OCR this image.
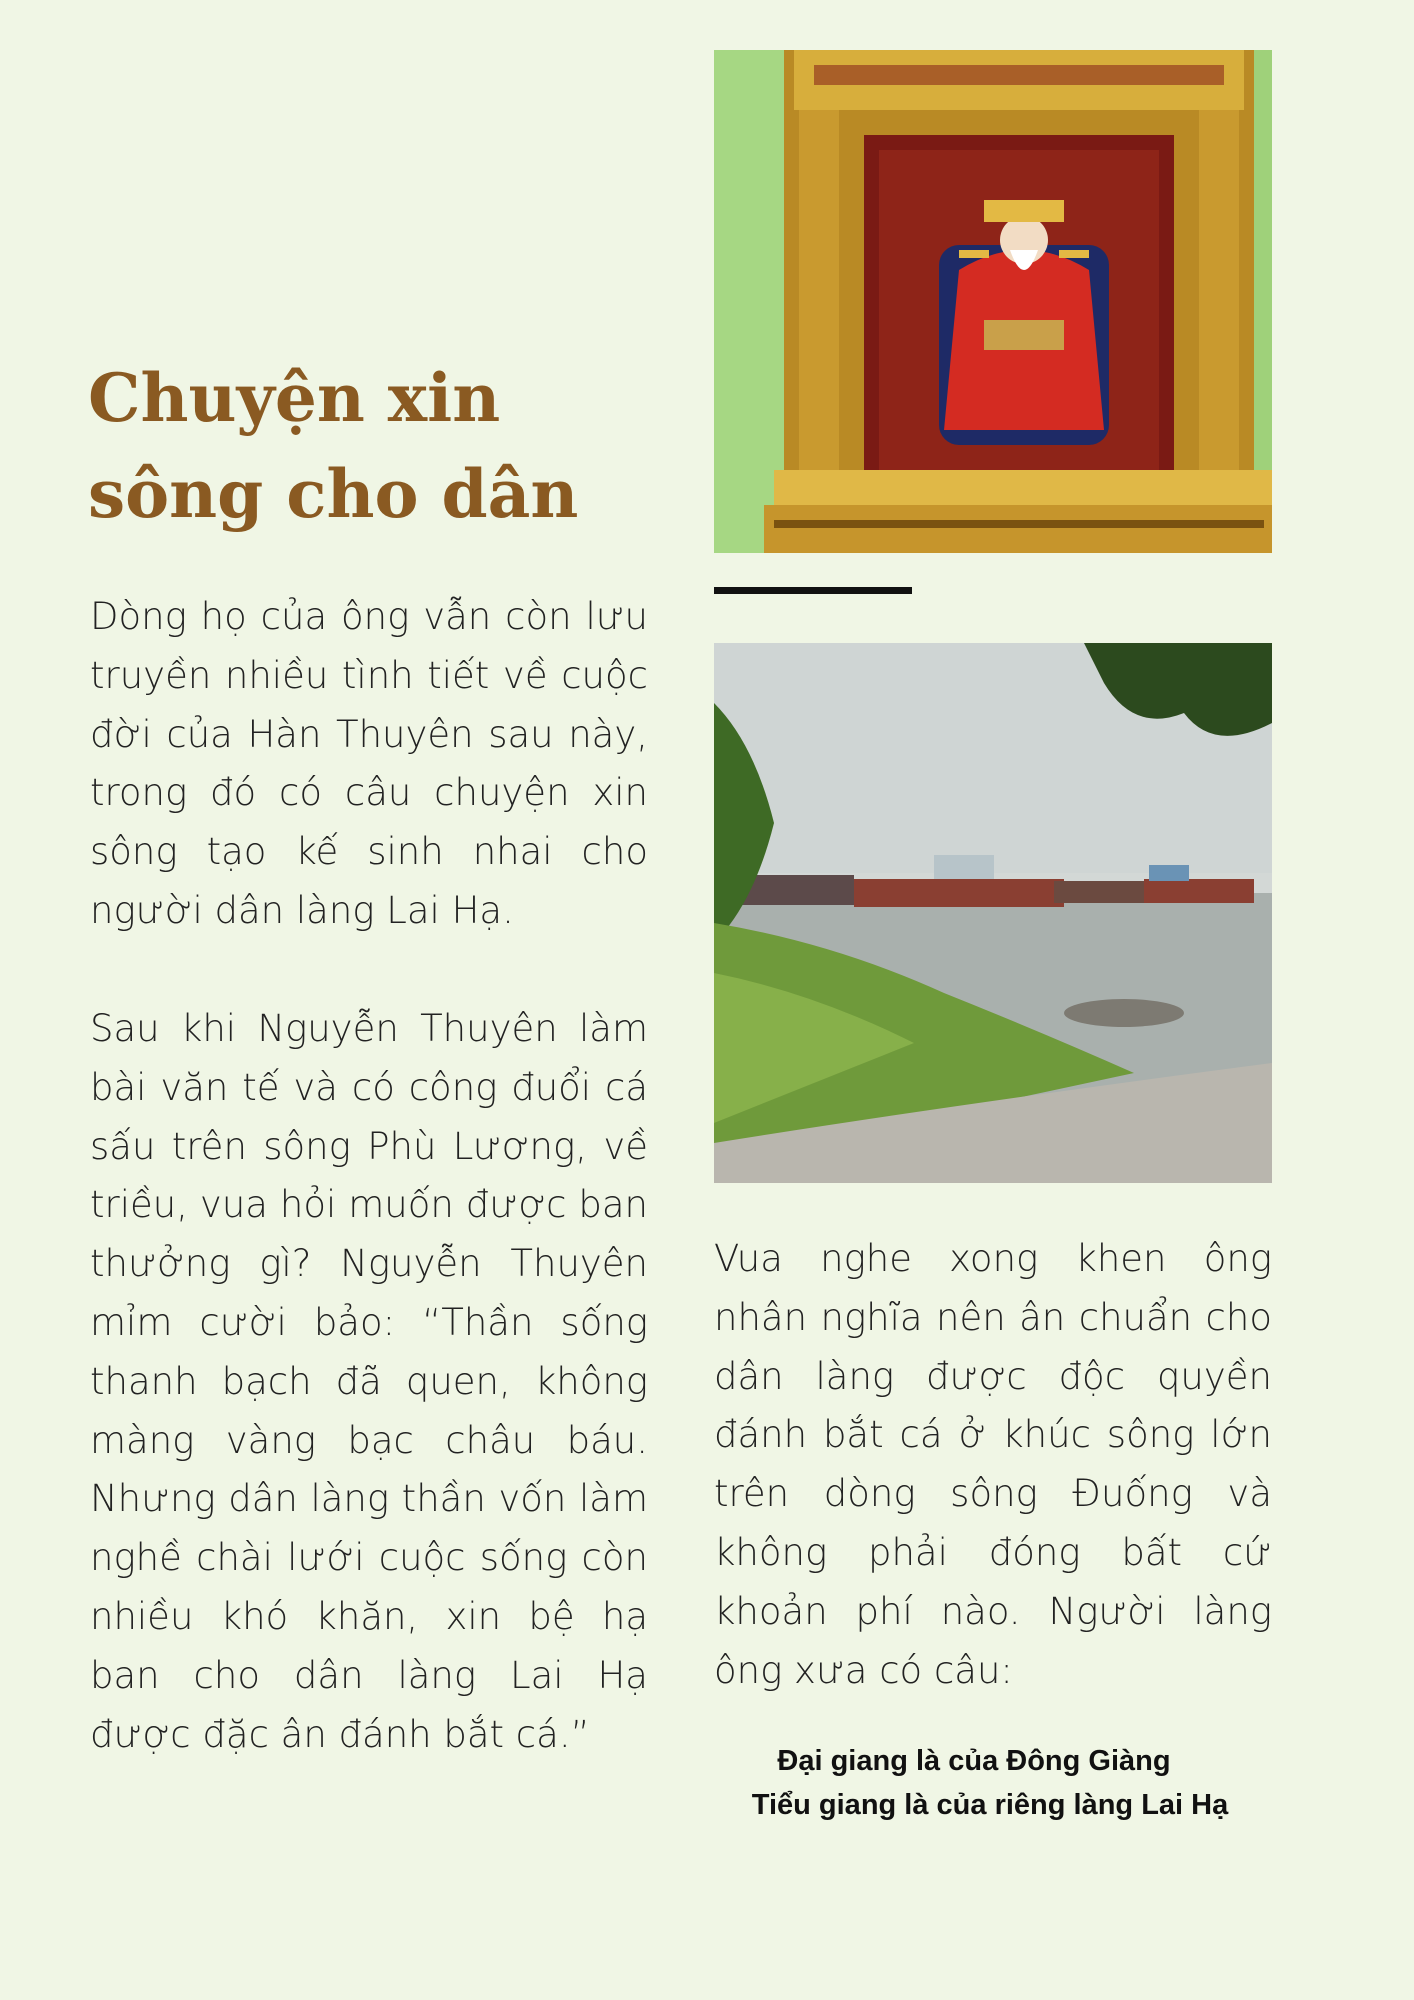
Chuyện xin
sông cho dân

Dòng họ của ông vẫn còn lưu truyền nhiều tình tiết về cuộc đời của Hàn Thuyên sau này, trong đó có câu chuyện xin sông tạo kế sinh nhai cho người dân làng Lai Hạ.

Sau khi Nguyễn Thuyên làm bài văn tế và có công đuổi cá sấu trên sông Phù Lương, về triều, vua hỏi muốn được ban thưởng gì? Nguyễn Thuyên mỉm cười bảo: “Thần sống thanh bạch đã quen, không màng vàng bạc châu báu. Nhưng dân làng thần vốn làm nghề chài lưới cuộc sống còn nhiều khó khăn, xin bệ hạ ban cho dân làng Lai Hạ được đặc ân đánh bắt cá.”

Vua nghe xong khen ông nhân nghĩa nên ân chuẩn cho dân làng được độc quyền đánh bắt cá ở khúc sông lớn trên dòng sông Đuống và không phải đóng bất cứ khoản phí nào. Người làng ông xưa có câu:

Đại giang là của Đông Giàng

Tiểu giang là của riêng làng Lai Hạ
